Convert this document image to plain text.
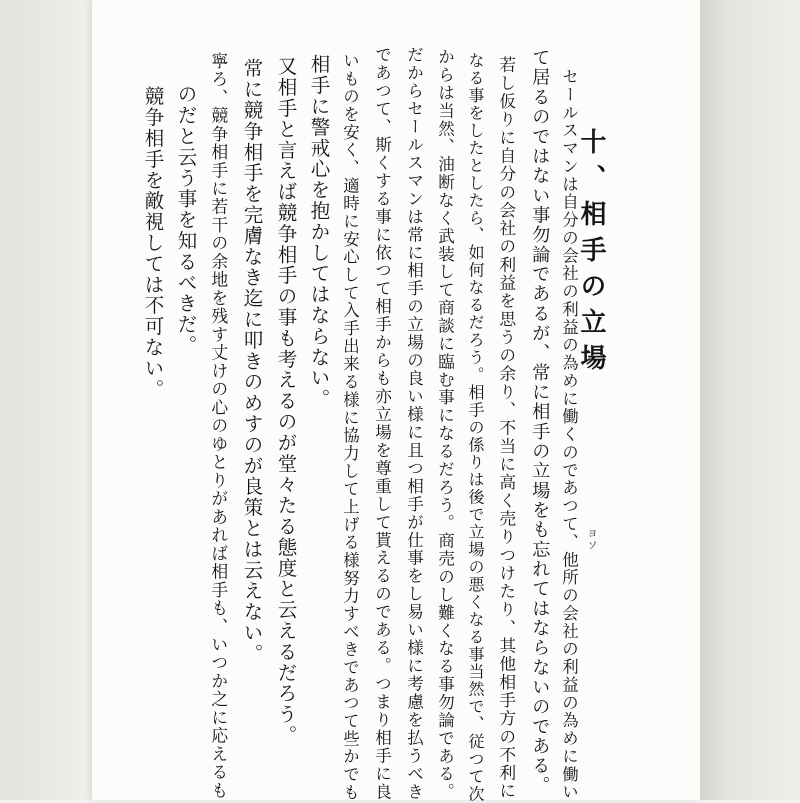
十、相手の立場
セールスマンは自分の会社の利益の為めに働くのであつて、他所の会社の利益の為めに働い
て居るのではない事勿論であるが、常に相手の立場をも忘れてはならないのである。
若し仮りに自分の会社の利益を思うの余り、不当に高く売りつけたり、其他相手方の不利に
なる事をしたとしたら、如何なるだろう。相手の係りは後で立場の悪くなる事当然で、従つて次
からは当然、油断なく武装して商談に臨む事になるだろう。商売のし難くなる事勿論である。
だからセールスマンは常に相手の立場の良い様に且つ相手が仕事をし易い様に考慮を払うべき
であつて、斯くする事に依つて相手からも亦立場を尊重して貰えるのである。つまり相手に良
いものを安く、適時に安心して入手出来る様に協力して上げる様努力すべきであつて些かでも
相手に警戒心を抱かしてはならない。
又相手と言えば競争相手の事も考えるのが堂々たる態度と云えるだろう。
常に競争相手を完膚なき迄に叩きのめすのが良策とは云えない。
寧ろ、競争相手に若干の余地を残す丈けの心のゆとりがあれば相手も、いつか之に応えるも
のだと云う事を知るべきだ。
競争相手を敵視しては不可ない。
ヨソ
